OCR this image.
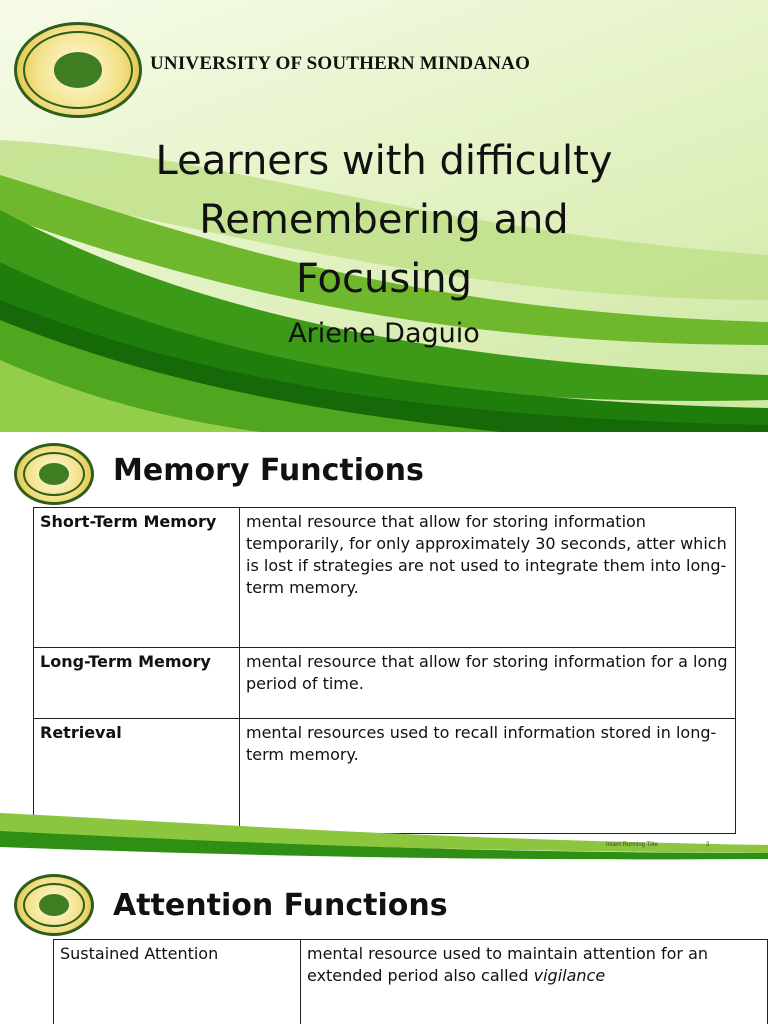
UNIVERSITY OF SOUTHERN MINDANAO
Learners with difficulty
Remembering and
Focusing
Ariene Daguio
Memory Functions
Short-Term Memory	mental resource that allow for storing information temporarily, for only approximately 30 seconds, atter which is lost if strategies are not used to integrate them into long-term memory.
Long-Term Memory	mental resource that allow for storing information for a long period of time.
Retrieval	mental resources used to recall information stored in long-term memory.
Insert Running Title	3
Attention Functions
Sustained Attention	mental resource used to maintain attention for an extended period also called vigilance
